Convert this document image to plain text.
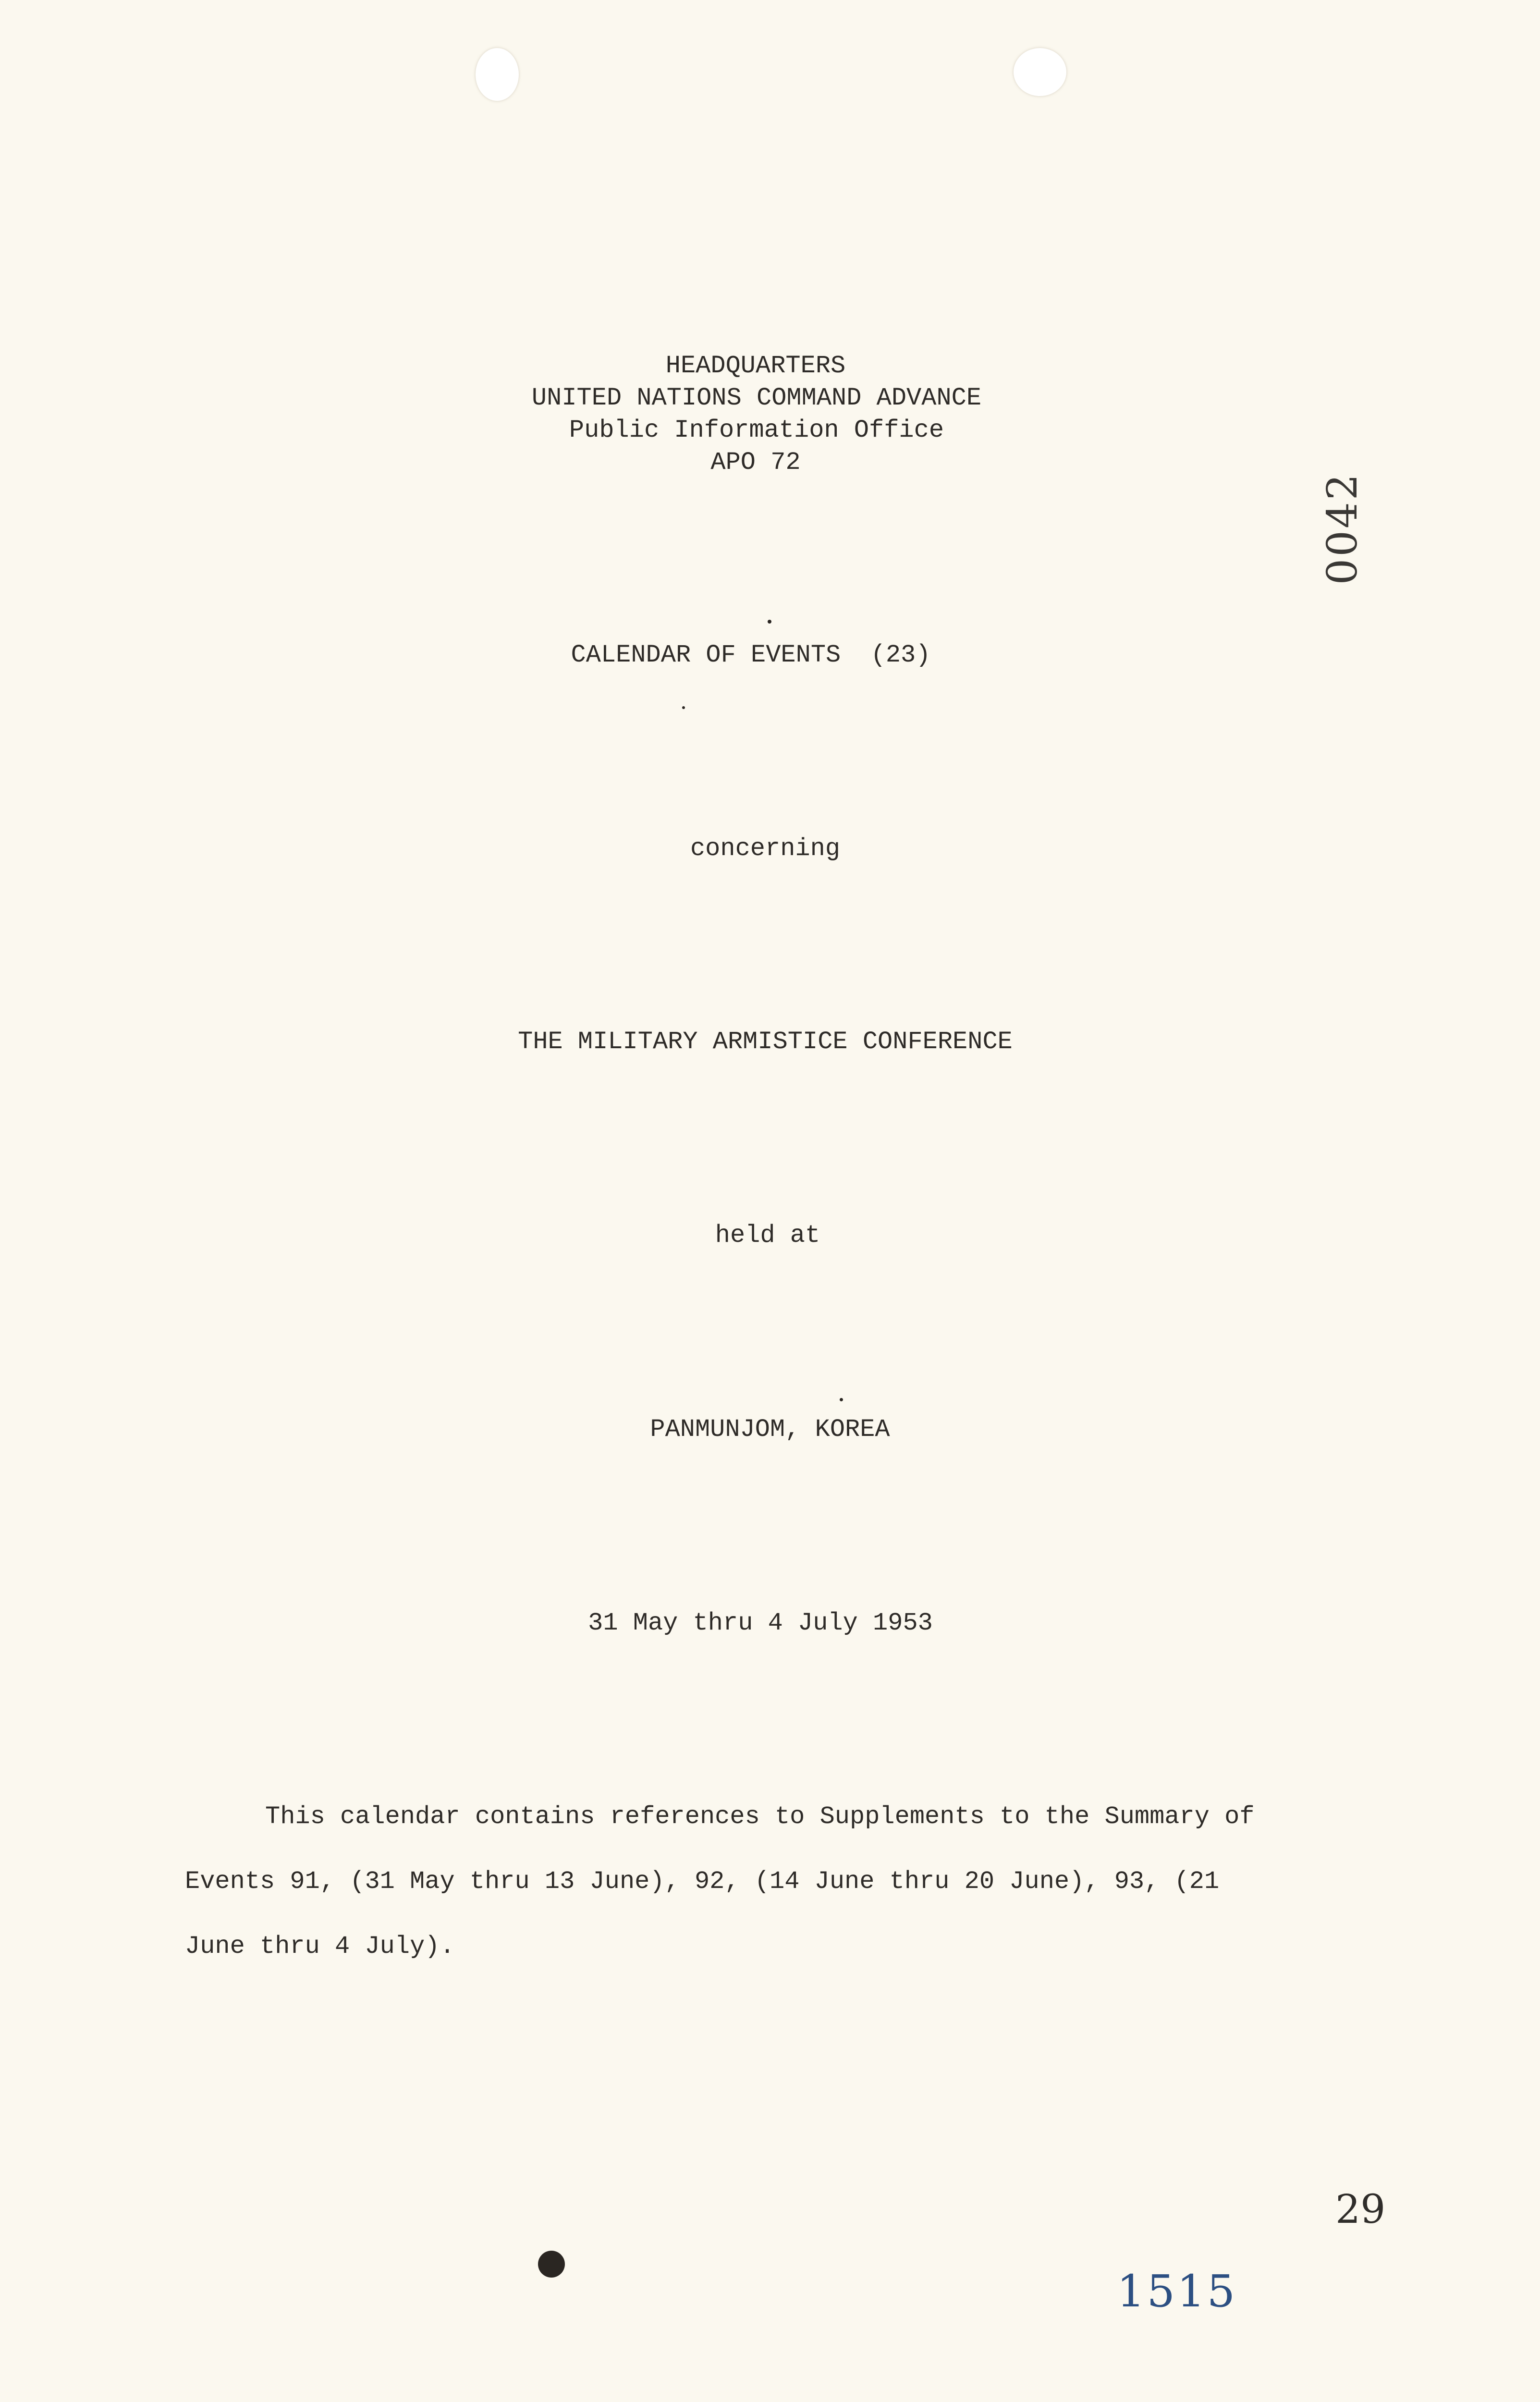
HEADQUARTERS
UNITED NATIONS COMMAND ADVANCE
Public Information Office
APO 72
0042
CALENDAR OF EVENTS  (23)
concerning
THE MILITARY ARMISTICE CONFERENCE
held at
PANMUNJOM, KOREA
31 May thru 4 July 1953
This calendar contains references to Supplements to the Summary of
Events 91, (31 May thru 13 June), 92, (14 June thru 20 June), 93, (21
June thru 4 July).
29
1515
